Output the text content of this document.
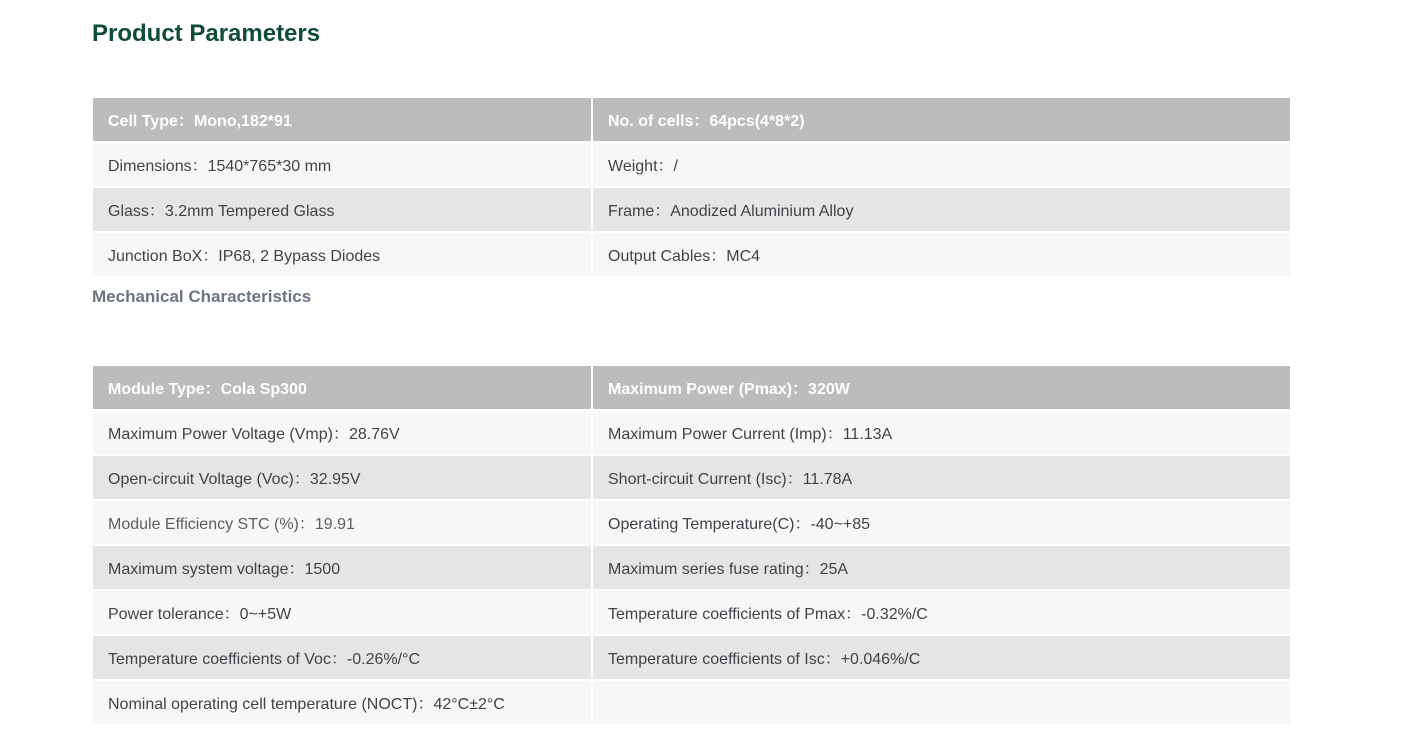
Product Parameters
Cell Type：Mono,182*91	No. of cells：64pcs(4*8*2)
Dimensions：1540*765*30 mm	Weight：/
Glass：3.2mm Tempered Glass	Frame：Anodized Aluminium Alloy
Junction BoX：IP68, 2 Bypass Diodes	Output Cables：MC4
Mechanical Characteristics
Module Type：Cola Sp300	Maximum Power (Pmax)：320W
Maximum Power Voltage (Vmp)：28.76V	Maximum Power Current (Imp)：11.13A
Open-circuit Voltage (Voc)：32.95V	Short-circuit Current (Isc)：11.78A
Module Efficiency STC (%)：19.91	Operating Temperature(C)：-40~+85
Maximum system voltage：1500	Maximum series fuse rating：25A
Power tolerance：0~+5W	Temperature coefficients of Pmax：-0.32%/C
Temperature coefficients of Voc：-0.26%/°C	Temperature coefficients of Isc：+0.046%/C
Nominal operating cell temperature (NOCT)：42°C±2°C	
